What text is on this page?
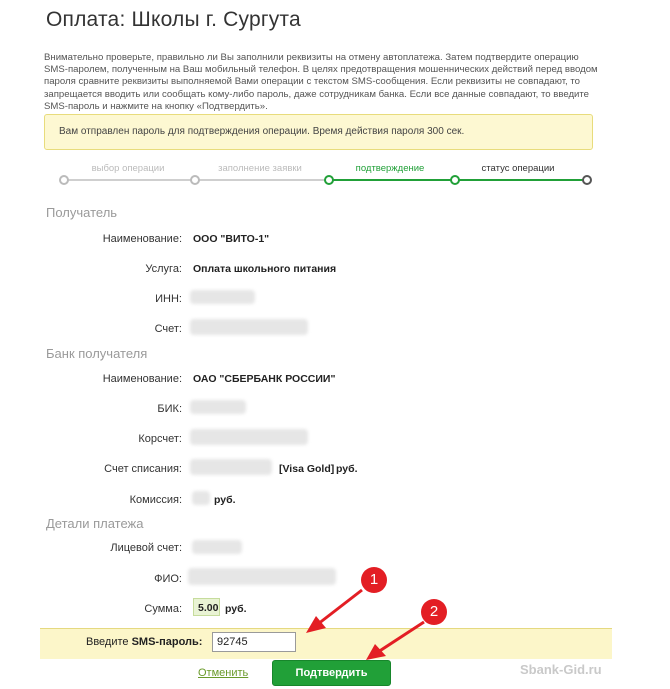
Оплата: Школы г. Сургута
Внимательно проверьте, правильно ли Вы заполнили реквизиты на отмену автоплатежа. Затем подтвердите операцию SMS-паролем, полученным на Ваш мобильный телефон. В целях предотвращения мошеннических действий перед вводом пароля сравните реквизиты выполняемой Вами операции с текстом SMS-сообщения. Если реквизиты не совпадают, то запрещается вводить или сообщать кому-либо пароль, даже сотрудникам банка. Если все данные совпадают, то введите SMS-пароль и нажмите на кнопку «Подтвердить».
Вам отправлен пароль для подтверждения операции. Время действия пароля 300 сек.
выбор операции	заполнение заявки	подтверждение	статус операции
Получатель
Наименование: ООО "ВИТО-1"
Услуга: Оплата школьного питания
ИНН:
Счет:
Банк получателя
Наименование: ОАО "СБЕРБАНК РОССИИ"
БИК:
Корсчет:
Счет списания:	[Visa Gold] руб.
Комиссия:	руб.
Детали платежа
Лицевой счет:
ФИО:
Сумма: 5.00 руб.
Введите SMS-пароль:
92745
Отменить	Подтвердить
1
2
Sbank-Gid.ru
